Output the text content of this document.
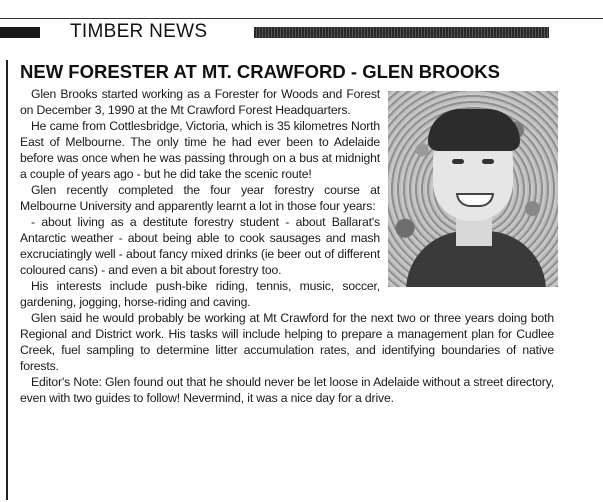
TIMBER NEWS
NEW FORESTER AT MT. CRAWFORD - GLEN BROOKS

Glen Brooks started working as a Forester for Woods and Forest on December 3, 1990 at the Mt Crawford Forest Headquarters.

He came from Cottlesbridge, Victoria, which is 35 kilometres North East of Melbourne. The only time he had ever been to Adelaide before was once when he was passing through on a bus at midnight a couple of years ago - but he did take the scenic route!

Glen recently completed the four year forestry course at Melbourne University and apparently learnt a lot in those four years:

- about living as a destitute forestry student - about Ballarat's Antarctic weather - about being able to cook sausages and mash excruciatingly well - about fancy mixed drinks (ie beer out of different coloured cans) - and even a bit about forestry too.

His interests include push-bike riding, tennis, music, soccer, gardening, jogging, horse-riding and caving.

Glen said he would probably be working at Mt Crawford for the next two or three years doing both Regional and District work. His tasks will include helping to prepare a management plan for Cudlee Creek, fuel sampling to determine litter accumulation rates, and identifying boundaries of native forests.

Editor's Note: Glen found out that he should never be let loose in Adelaide without a street directory, even with two guides to follow! Nevermind, it was a nice day for a drive.
